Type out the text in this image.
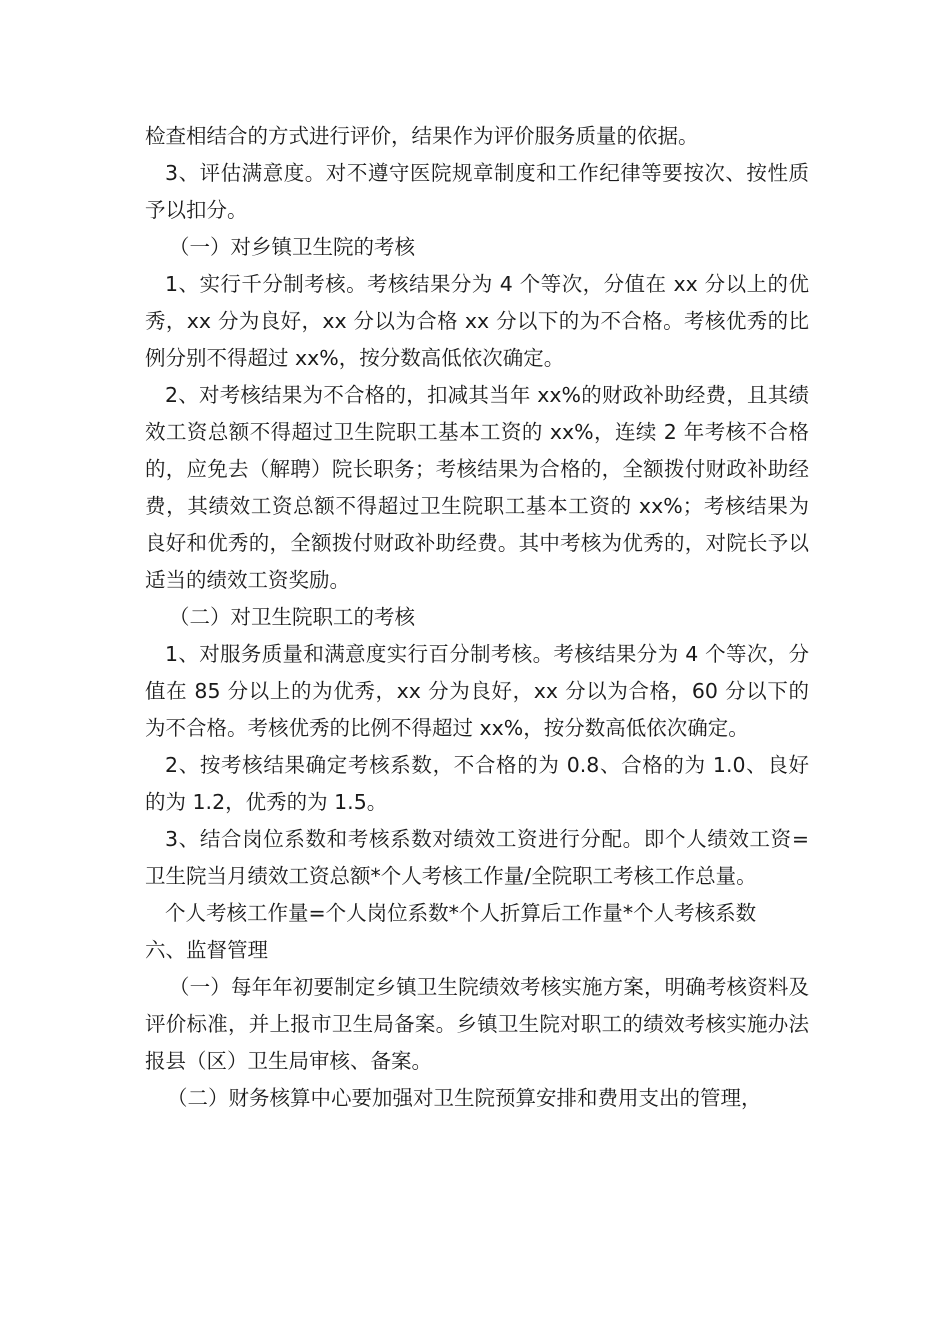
检查相结合的方式进行评价，结果作为评价服务质量的依据。

3、评估满意度。对不遵守医院规章制度和工作纪律等要按次、按性质予以扣分。

（一）对乡镇卫生院的考核

1、实行千分制考核。考核结果分为 4 个等次，分值在 xx 分以上的优秀，xx 分为良好，xx 分以为合格 xx 分以下的为不合格。考核优秀的比例分别不得超过 xx%，按分数高低依次确定。

2、对考核结果为不合格的，扣减其当年 xx%的财政补助经费，且其绩效工资总额不得超过卫生院职工基本工资的 xx%，连续 2 年考核不合格的，应免去（解聘）院长职务；考核结果为合格的，全额拨付财政补助经费，其绩效工资总额不得超过卫生院职工基本工资的 xx%；考核结果为良好和优秀的，全额拨付财政补助经费。其中考核为优秀的，对院长予以适当的绩效工资奖励。

（二）对卫生院职工的考核

1、对服务质量和满意度实行百分制考核。考核结果分为 4 个等次，分值在 85 分以上的为优秀，xx 分为良好，xx 分以为合格，60 分以下的为不合格。考核优秀的比例不得超过 xx%，按分数高低依次确定。

2、按考核结果确定考核系数，不合格的为 0.8、合格的为 1.0、良好的为 1.2，优秀的为 1.5。

3、结合岗位系数和考核系数对绩效工资进行分配。即个人绩效工资=卫生院当月绩效工资总额*个人考核工作量/全院职工考核工作总量。

个人考核工作量=个人岗位系数*个人折算后工作量*个人考核系数

六、监督管理

（一）每年年初要制定乡镇卫生院绩效考核实施方案，明确考核资料及评价标准，并上报市卫生局备案。乡镇卫生院对职工的绩效考核实施办法报县（区）卫生局审核、备案。

（二）财务核算中心要加强对卫生院预算安排和费用支出的管理，
